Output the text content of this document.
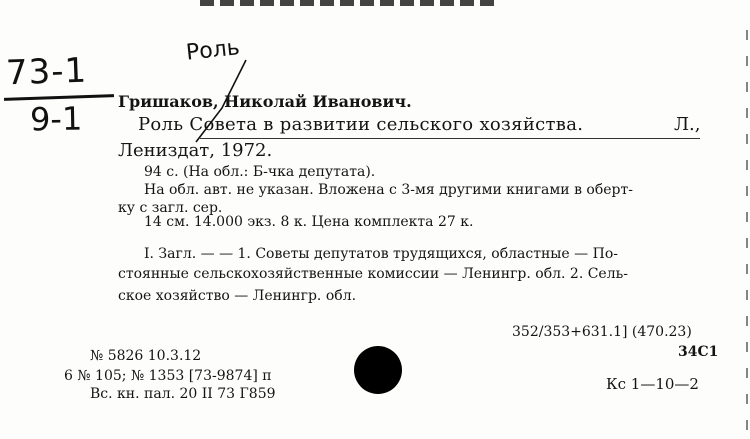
73-1
9-1
Роль
Гришаков, Николай Иванович.
Роль Совета в развитии сельского хозяйства.	Л.,
Лениздат, 1972.
94 с. (На обл.: Б-чка депутата).
На обл. авт. не указан. Вложена с 3-мя другими книгами в оберт-
ку с загл. сер.
14 см. 14.000 экз. 8 к. Цена комплекта 27 к.
I. Загл. — — 1. Советы депутатов трудящихся, областные — По-
стоянные сельскохозяйственные комиссии — Ленингр. обл. 2. Сель-
ское хозяйство — Ленингр. обл.
352/353+631.1] (470.23)
34С1
№ 5826 10.3.12
6 № 105; № 1353 [73-9874] п
Вс. кн. пал. 20 II 73 Г859
Кс 1—10—2
